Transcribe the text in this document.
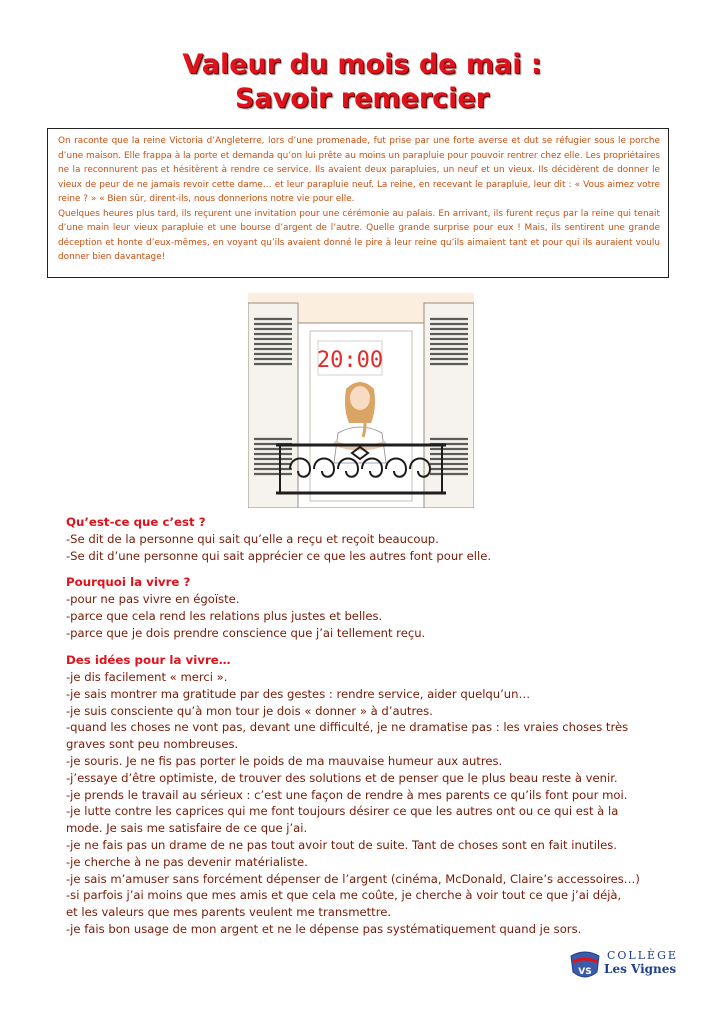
Valeur du mois de mai :
Savoir remercier

On raconte que la reine Victoria d’Angleterre, lors d’une promenade, fut prise par une forte averse et dut se réfugier sous le porche d’une maison. Elle frappa à la porte et demanda qu’on lui prête au moins un parapluie pour pouvoir rentrer chez elle. Les propriétaires ne la reconnurent pas et hésitèrent à rendre ce service. Ils avaient deux parapluies, un neuf et un vieux. Ils décidèrent de donner le vieux de peur de ne jamais revoir cette dame… et leur parapluie neuf. La reine, en recevant le parapluie, leur dit : « Vous aimez votre reine ? » « Bien sûr, dirent-ils, nous donnerions notre vie pour elle.

Quelques heures plus tard, ils reçurent une invitation pour une cérémonie au palais. En arrivant, ils furent reçus par la reine qui tenait d’une main leur vieux parapluie et une bourse d’argent de l’autre. Quelle grande surprise pour eux ! Mais, ils sentirent une grande déception et honte d’eux-mêmes, en voyant qu’ils avaient donné le pire à leur reine qu’ils aimaient tant et pour qui ils auraient voulu donner bien davantage!

20:00
Qu’est-ce que c’est ?

-Se dit de la personne qui sait qu’elle a reçu et reçoit beaucoup.

-Se dit d’une personne qui sait apprécier ce que les autres font pour elle.

Pourquoi la vivre ?

-pour ne pas vivre en égoïste.

-parce que cela rend les relations plus justes et belles.

-parce que je dois prendre conscience que j’ai tellement reçu.

Des idées pour la vivre…

-je dis facilement « merci ».

-je sais montrer ma gratitude par des gestes : rendre service, aider quelqu’un…

-je suis consciente qu’à mon tour je dois « donner » à d’autres.

-quand les choses ne vont pas, devant une difficulté, je ne dramatise pas : les vraies choses très

graves sont peu nombreuses.

-je souris. Je ne fis pas porter le poids de ma mauvaise humeur aux autres.

-j’essaye d’être optimiste, de trouver des solutions et de penser que le plus beau reste à venir.

-je prends le travail au sérieux : c’est une façon de rendre à mes parents ce qu’ils font pour moi.

-je lutte contre les caprices qui me font toujours désirer ce que les autres ont ou ce qui est à la

mode. Je sais me satisfaire de ce que j’ai.

-je ne fais pas un drame de ne pas tout avoir tout de suite. Tant de choses sont en fait inutiles.

-je cherche à ne pas devenir matérialiste.

-je sais m’amuser sans forcément dépenser de l’argent (cinéma, McDonald, Claire’s accessoires…)

-si parfois j’ai moins que mes amis et que cela me coûte, je cherche à voir tout ce que j’ai déjà,

et les valeurs que mes parents veulent me transmettre.

-je fais bon usage de mon argent et ne le dépense pas systématiquement quand je sors.

VS
COLLÈGE
Les Vignes
